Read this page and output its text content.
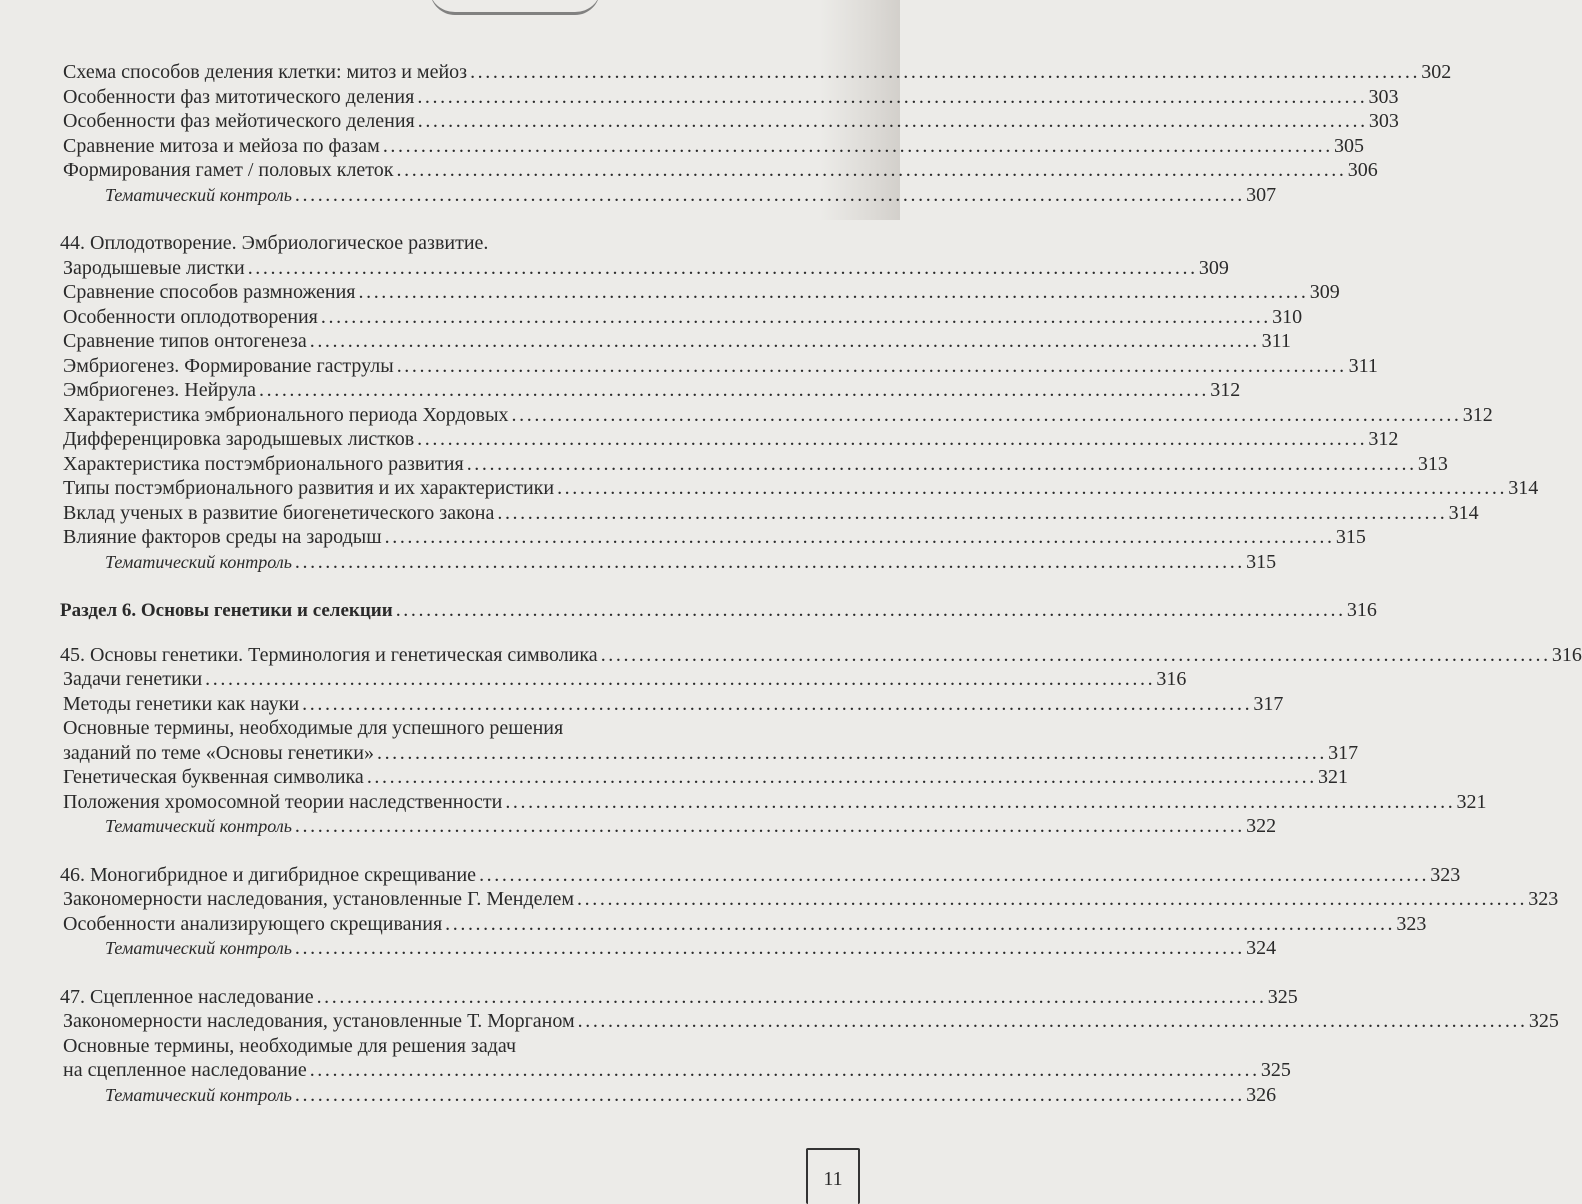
Схема способов деления клетки: митоз и мейоз . . .	302
Особенности фаз митотического деления . . .	303
Особенности фаз мейотического деления . . .	303
Сравнение митоза и мейоза по фазам . . .	305
Формирования гамет / половых клеток . . .	306
Тематический контроль . . .	307
44. Оплодотворение. Эмбриологическое развитие.
Зародышевые листки . . .	309
Сравнение способов размножения . . .	309
Особенности оплодотворения . . .	310
Сравнение типов онтогенеза . . .	311
Эмбриогенез. Формирование гаструлы . . .	311
Эмбриогенез. Нейрула . . .	312
Характеристика эмбрионального периода Хордовых . . .	312
Дифференцировка зародышевых листков . . .	312
Характеристика постэмбрионального развития . . .	313
Типы постэмбрионального развития и их характеристики . . .	314
Вклад ученых в развитие биогенетического закона . . .	314
Влияние факторов среды на зародыш . . .	315
Тематический контроль . . .	315
Раздел 6. Основы генетики и селекции . . .	316
45. Основы генетики. Терминология и генетическая символика . . .	316
Задачи генетики . . .	316
Методы генетики как науки . . .	317
Основные термины, необходимые для успешного решения
заданий по теме «Основы генетики» . . .	317
Генетическая буквенная символика . . .	321
Положения хромосомной теории наследственности . . .	321
Тематический контроль . . .	322
46. Моногибридное и дигибридное скрещивание . . .	323
Закономерности наследования, установленные Г. Менделем . . .	323
Особенности анализирующего скрещивания . . .	323
Тематический контроль . . .	324
47. Сцепленное наследование . . .	325
Закономерности наследования, установленные Т. Морганом . . .	325
Основные термины, необходимые для решения задач
на сцепленное наследование . . .	325
Тематический контроль . . .	326
11
